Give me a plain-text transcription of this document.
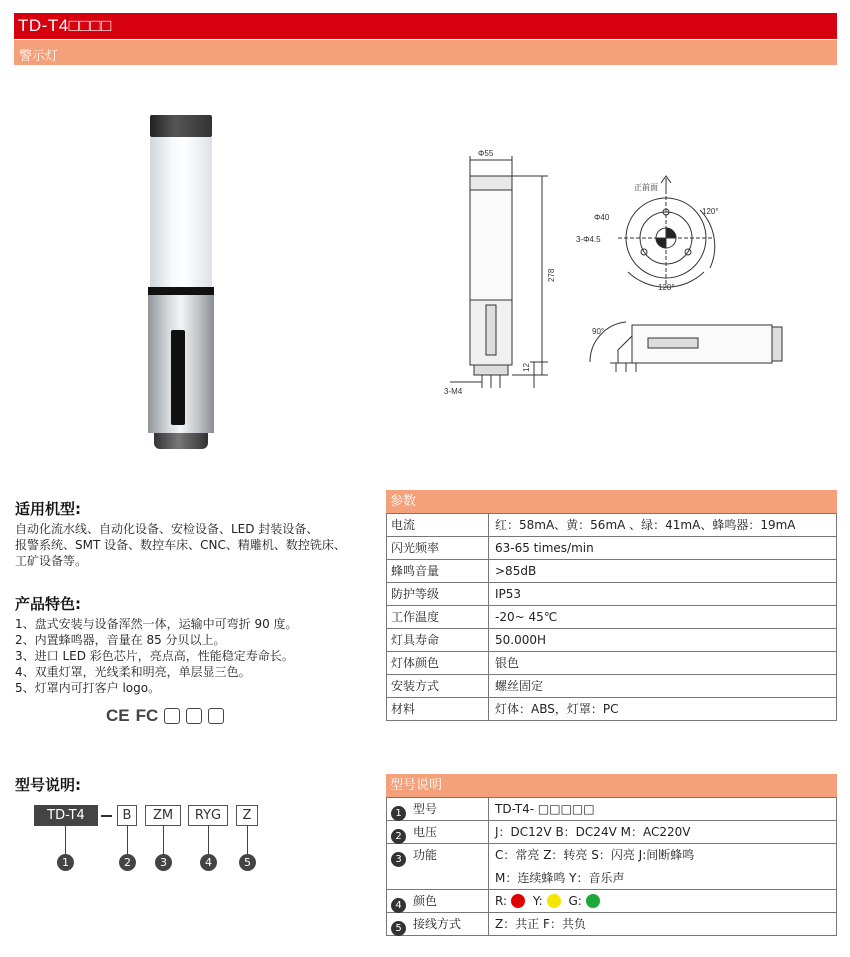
TD-T4□□□□
警示灯
Φ55
278
12
3-M4
正前面
Φ40
3-Φ4.5
120°
120°
90°
适用机型:
自动化流水线、自动化设备、安检设备、LED 封装设备、
报警系统、SMT 设备、数控车床、CNC、精雕机、数控铣床、
工矿设备等。
产品特色:
1、盘式安装与设备浑然一体，运输中可弯折 90 度。
2、内置蜂鸣器，音量在 85 分贝以上。
3、进口 LED 彩色芯片，亮点高，性能稳定寿命长。
4、双重灯罩，光线柔和明亮，单层显三色。
5、灯罩内可打客户 logo。
CE FC
参数
电流	红：58mA、黄：56mA 、绿：41mA、蜂鸣器：19mA
闪光频率	63-65 times/min
蜂鸣音量	>85dB
防护等级	IP53
工作温度	-20~ 45℃
灯具寿命	50.000H
灯体颜色	银色
安装方式	螺丝固定
材料	灯体：ABS，灯罩：PC
型号说明:
TD-T4	B	ZM	RYG	Z
1	2	3	4	5
型号说明
1 型号	TD-T4- □□□□□
2 电压	J：DC12V B：DC24V M：AC220V
3 功能	C：常亮 Z：转亮 S：闪亮 J:间断蜂鸣
M：连续蜂鸣 Y：音乐声
4 颜色	R: Y: G:
5 接线方式	Z：共正 F：共负
